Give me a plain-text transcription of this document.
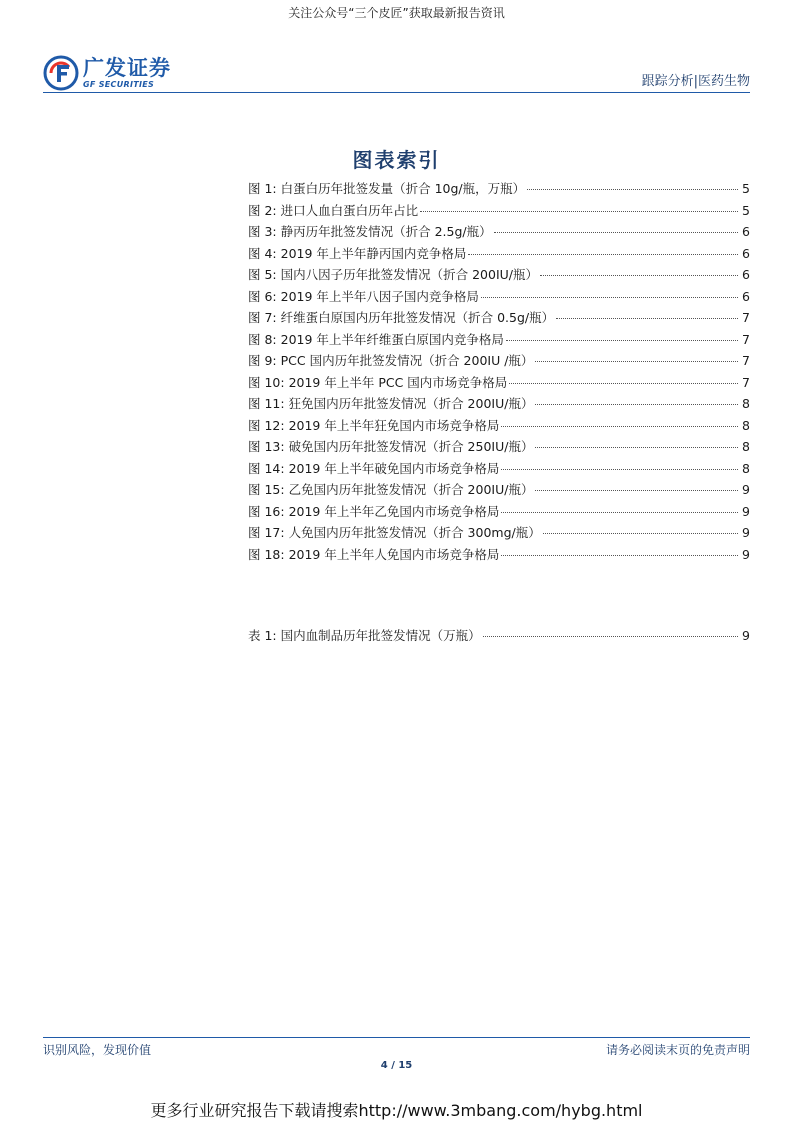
关注公众号“三个皮匠”获取最新报告资讯
广发证券
GF SECURITIES	跟踪分析|医药生物
图表索引
图 1: 白蛋白历年批签发量（折合 10g/瓶，万瓶）	5
图 2: 进口人血白蛋白历年占比	5
图 3: 静丙历年批签发情况（折合 2.5g/瓶）	6
图 4: 2019 年上半年静丙国内竞争格局	6
图 5: 国内八因子历年批签发情况（折合 200IU/瓶）	6
图 6: 2019 年上半年八因子国内竞争格局	6
图 7: 纤维蛋白原国内历年批签发情况（折合 0.5g/瓶）	7
图 8: 2019 年上半年纤维蛋白原国内竞争格局	7
图 9: PCC 国内历年批签发情况（折合 200IU /瓶）	7
图 10: 2019 年上半年 PCC 国内市场竞争格局	7
图 11: 狂免国内历年批签发情况（折合 200IU/瓶）	8
图 12: 2019 年上半年狂免国内市场竞争格局	8
图 13: 破免国内历年批签发情况（折合 250IU/瓶）	8
图 14: 2019 年上半年破免国内市场竞争格局	8
图 15: 乙免国内历年批签发情况（折合 200IU/瓶）	9
图 16: 2019 年上半年乙免国内市场竞争格局	9
图 17: 人免国内历年批签发情况（折合 300mg/瓶）	9
图 18: 2019 年上半年人免国内市场竞争格局	9
表 1: 国内血制品历年批签发情况（万瓶）	9
识别风险，发现价值	请务必阅读末页的免责声明
4 / 15
更多行业研究报告下载请搜索http://www.3mbang.com/hybg.html
